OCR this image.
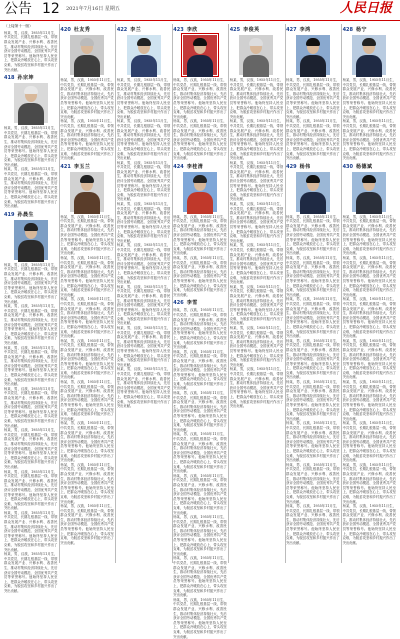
公告 12 2021年7月16日 星期五	人民日报

（上接第十一版）

杨某，男，汉族，1955年11月生，中共党员，长期扎根基层一线，带领群众发展产业、兴修水利、改善民生，推动村集体经济持续壮大，先后获评全国劳动模范、全国优秀共产党员等荣誉称号。他始终坚持人民至上，把群众冷暖放在心上，带头攻坚克难，为脱贫攻坚和乡村振兴作出了突出贡献。

418 孙宗坤

杨某，男，汉族，1955年11月生，中共党员，长期扎根基层一线，带领群众发展产业、兴修水利、改善民生，推动村集体经济持续壮大，先后获评全国劳动模范、全国优秀共产党员等荣誉称号。他始终坚持人民至上，把群众冷暖放在心上，带头攻坚克难，为脱贫攻坚和乡村振兴作出了突出贡献。

杨某，男，汉族，1955年11月生，中共党员，长期扎根基层一线，带领群众发展产业、兴修水利、改善民生，推动村集体经济持续壮大，先后获评全国劳动模范、全国优秀共产党员等荣誉称号。他始终坚持人民至上，把群众冷暖放在心上，带头攻坚克难，为脱贫攻坚和乡村振兴作出了突出贡献。

419 孙晨生

杨某，男，汉族，1955年11月生，中共党员，长期扎根基层一线，带领群众发展产业、兴修水利、改善民生，推动村集体经济持续壮大，先后获评全国劳动模范、全国优秀共产党员等荣誉称号。他始终坚持人民至上，把群众冷暖放在心上，带头攻坚克难，为脱贫攻坚和乡村振兴作出了突出贡献。

杨某，男，汉族，1955年11月生，中共党员，长期扎根基层一线，带领群众发展产业、兴修水利、改善民生，推动村集体经济持续壮大，先后获评全国劳动模范、全国优秀共产党员等荣誉称号。他始终坚持人民至上，把群众冷暖放在心上，带头攻坚克难，为脱贫攻坚和乡村振兴作出了突出贡献。

杨某，男，汉族，1955年11月生，中共党员，长期扎根基层一线，带领群众发展产业、兴修水利、改善民生，推动村集体经济持续壮大，先后获评全国劳动模范、全国优秀共产党员等荣誉称号。他始终坚持人民至上，把群众冷暖放在心上，带头攻坚克难，为脱贫攻坚和乡村振兴作出了突出贡献。

杨某，男，汉族，1955年11月生，中共党员，长期扎根基层一线，带领群众发展产业、兴修水利、改善民生，推动村集体经济持续壮大，先后获评全国劳动模范、全国优秀共产党员等荣誉称号。他始终坚持人民至上，把群众冷暖放在心上，带头攻坚克难，为脱贫攻坚和乡村振兴作出了突出贡献。

杨某，男，汉族，1955年11月生，中共党员，长期扎根基层一线，带领群众发展产业、兴修水利、改善民生，推动村集体经济持续壮大，先后获评全国劳动模范、全国优秀共产党员等荣誉称号。他始终坚持人民至上，把群众冷暖放在心上，带头攻坚克难，为脱贫攻坚和乡村振兴作出了突出贡献。

杨某，男，汉族，1955年11月生，中共党员，长期扎根基层一线，带领群众发展产业、兴修水利、改善民生，推动村集体经济持续壮大，先后获评全国劳动模范、全国优秀共产党员等荣誉称号。他始终坚持人民至上，把群众冷暖放在心上，带头攻坚克难，为脱贫攻坚和乡村振兴作出了突出贡献。

杨某，男，汉族，1955年11月生，中共党员，长期扎根基层一线，带领群众发展产业、兴修水利、改善民生，推动村集体经济持续壮大，先后获评全国劳动模范、全国优秀共产党员等荣誉称号。他始终坚持人民至上，把群众冷暖放在心上，带头攻坚克难，为脱贫攻坚和乡村振兴作出了突出贡献。

杨某，男，汉族，1955年11月生，中共党员，长期扎根基层一线，带领群众发展产业、兴修水利、改善民生，推动村集体经济持续壮大，先后获评全国劳动模范、全国优秀共产党员等荣誉称号。他始终坚持人民至上，把群众冷暖放在心上，带头攻坚克难，为脱贫攻坚和乡村振兴作出了突出贡献。

420 杜友秀

杨某，男，汉族，1955年11月生，中共党员，长期扎根基层一线，带领群众发展产业、兴修水利、改善民生，推动村集体经济持续壮大，先后获评全国劳动模范、全国优秀共产党员等荣誉称号。他始终坚持人民至上，把群众冷暖放在心上，带头攻坚克难，为脱贫攻坚和乡村振兴作出了突出贡献。

杨某，男，汉族，1955年11月生，中共党员，长期扎根基层一线，带领群众发展产业、兴修水利、改善民生，推动村集体经济持续壮大，先后获评全国劳动模范、全国优秀共产党员等荣誉称号。他始终坚持人民至上，把群众冷暖放在心上，带头攻坚克难，为脱贫攻坚和乡村振兴作出了突出贡献。

421 李玉兰

杨某，男，汉族，1955年11月生，中共党员，长期扎根基层一线，带领群众发展产业、兴修水利、改善民生，推动村集体经济持续壮大，先后获评全国劳动模范、全国优秀共产党员等荣誉称号。他始终坚持人民至上，把群众冷暖放在心上，带头攻坚克难，为脱贫攻坚和乡村振兴作出了突出贡献。

杨某，男，汉族，1955年11月生，中共党员，长期扎根基层一线，带领群众发展产业、兴修水利、改善民生，推动村集体经济持续壮大，先后获评全国劳动模范、全国优秀共产党员等荣誉称号。他始终坚持人民至上，把群众冷暖放在心上，带头攻坚克难，为脱贫攻坚和乡村振兴作出了突出贡献。

杨某，男，汉族，1955年11月生，中共党员，长期扎根基层一线，带领群众发展产业、兴修水利、改善民生，推动村集体经济持续壮大，先后获评全国劳动模范、全国优秀共产党员等荣誉称号。他始终坚持人民至上，把群众冷暖放在心上，带头攻坚克难，为脱贫攻坚和乡村振兴作出了突出贡献。

杨某，男，汉族，1955年11月生，中共党员，长期扎根基层一线，带领群众发展产业、兴修水利、改善民生，推动村集体经济持续壮大，先后获评全国劳动模范、全国优秀共产党员等荣誉称号。他始终坚持人民至上，把群众冷暖放在心上，带头攻坚克难，为脱贫攻坚和乡村振兴作出了突出贡献。

杨某，男，汉族，1955年11月生，中共党员，长期扎根基层一线，带领群众发展产业、兴修水利、改善民生，推动村集体经济持续壮大，先后获评全国劳动模范、全国优秀共产党员等荣誉称号。他始终坚持人民至上，把群众冷暖放在心上，带头攻坚克难，为脱贫攻坚和乡村振兴作出了突出贡献。

杨某，男，汉族，1955年11月生，中共党员，长期扎根基层一线，带领群众发展产业、兴修水利、改善民生，推动村集体经济持续壮大，先后获评全国劳动模范、全国优秀共产党员等荣誉称号。他始终坚持人民至上，把群众冷暖放在心上，带头攻坚克难，为脱贫攻坚和乡村振兴作出了突出贡献。

杨某，男，汉族，1955年11月生，中共党员，长期扎根基层一线，带领群众发展产业、兴修水利、改善民生，推动村集体经济持续壮大，先后获评全国劳动模范、全国优秀共产党员等荣誉称号。他始终坚持人民至上，把群众冷暖放在心上，带头攻坚克难，为脱贫攻坚和乡村振兴作出了突出贡献。

杨某，男，汉族，1955年11月生，中共党员，长期扎根基层一线，带领群众发展产业、兴修水利、改善民生，推动村集体经济持续壮大，先后获评全国劳动模范、全国优秀共产党员等荣誉称号。他始终坚持人民至上，把群众冷暖放在心上，带头攻坚克难，为脱贫攻坚和乡村振兴作出了突出贡献。

422 李兰

杨某，男，汉族，1955年11月生，中共党员，长期扎根基层一线，带领群众发展产业、兴修水利、改善民生，推动村集体经济持续壮大，先后获评全国劳动模范、全国优秀共产党员等荣誉称号。他始终坚持人民至上，把群众冷暖放在心上，带头攻坚克难，为脱贫攻坚和乡村振兴作出了突出贡献。

杨某，男，汉族，1955年11月生，中共党员，长期扎根基层一线，带领群众发展产业、兴修水利、改善民生，推动村集体经济持续壮大，先后获评全国劳动模范、全国优秀共产党员等荣誉称号。他始终坚持人民至上，把群众冷暖放在心上，带头攻坚克难，为脱贫攻坚和乡村振兴作出了突出贡献。

杨某，男，汉族，1955年11月生，中共党员，长期扎根基层一线，带领群众发展产业、兴修水利、改善民生，推动村集体经济持续壮大，先后获评全国劳动模范、全国优秀共产党员等荣誉称号。他始终坚持人民至上，把群众冷暖放在心上，带头攻坚克难，为脱贫攻坚和乡村振兴作出了突出贡献。

杨某，男，汉族，1955年11月生，中共党员，长期扎根基层一线，带领群众发展产业、兴修水利、改善民生，推动村集体经济持续壮大，先后获评全国劳动模范、全国优秀共产党员等荣誉称号。他始终坚持人民至上，把群众冷暖放在心上，带头攻坚克难，为脱贫攻坚和乡村振兴作出了突出贡献。

杨某，男，汉族，1955年11月生，中共党员，长期扎根基层一线，带领群众发展产业、兴修水利、改善民生，推动村集体经济持续壮大，先后获评全国劳动模范、全国优秀共产党员等荣誉称号。他始终坚持人民至上，把群众冷暖放在心上，带头攻坚克难，为脱贫攻坚和乡村振兴作出了突出贡献。

杨某，男，汉族，1955年11月生，中共党员，长期扎根基层一线，带领群众发展产业、兴修水利、改善民生，推动村集体经济持续壮大，先后获评全国劳动模范、全国优秀共产党员等荣誉称号。他始终坚持人民至上，把群众冷暖放在心上，带头攻坚克难，为脱贫攻坚和乡村振兴作出了突出贡献。

杨某，男，汉族，1955年11月生，中共党员，长期扎根基层一线，带领群众发展产业、兴修水利、改善民生，推动村集体经济持续壮大，先后获评全国劳动模范、全国优秀共产党员等荣誉称号。他始终坚持人民至上，把群众冷暖放在心上，带头攻坚克难，为脱贫攻坚和乡村振兴作出了突出贡献。

杨某，男，汉族，1955年11月生，中共党员，长期扎根基层一线，带领群众发展产业、兴修水利、改善民生，推动村集体经济持续壮大，先后获评全国劳动模范、全国优秀共产党员等荣誉称号。他始终坚持人民至上，把群众冷暖放在心上，带头攻坚克难，为脱贫攻坚和乡村振兴作出了突出贡献。

423 李欣

杨某，男，汉族，1955年11月生，中共党员，长期扎根基层一线，带领群众发展产业、兴修水利、改善民生，推动村集体经济持续壮大，先后获评全国劳动模范、全国优秀共产党员等荣誉称号。他始终坚持人民至上，把群众冷暖放在心上，带头攻坚克难，为脱贫攻坚和乡村振兴作出了突出贡献。

杨某，男，汉族，1955年11月生，中共党员，长期扎根基层一线，带领群众发展产业、兴修水利、改善民生，推动村集体经济持续壮大，先后获评全国劳动模范、全国优秀共产党员等荣誉称号。他始终坚持人民至上，把群众冷暖放在心上，带头攻坚克难，为脱贫攻坚和乡村振兴作出了突出贡献。

424 李桂清

杨某，男，汉族，1955年11月生，中共党员，长期扎根基层一线，带领群众发展产业、兴修水利、改善民生，推动村集体经济持续壮大，先后获评全国劳动模范、全国优秀共产党员等荣誉称号。他始终坚持人民至上，把群众冷暖放在心上，带头攻坚克难，为脱贫攻坚和乡村振兴作出了突出贡献。

杨某，男，汉族，1955年11月生，中共党员，长期扎根基层一线，带领群众发展产业、兴修水利、改善民生，推动村集体经济持续壮大，先后获评全国劳动模范、全国优秀共产党员等荣誉称号。他始终坚持人民至上，把群众冷暖放在心上，带头攻坚克难，为脱贫攻坚和乡村振兴作出了突出贡献。

426 李雪

杨某，男，汉族，1955年11月生，中共党员，长期扎根基层一线，带领群众发展产业、兴修水利、改善民生，推动村集体经济持续壮大，先后获评全国劳动模范、全国优秀共产党员等荣誉称号。他始终坚持人民至上，把群众冷暖放在心上，带头攻坚克难，为脱贫攻坚和乡村振兴作出了突出贡献。

杨某，男，汉族，1955年11月生，中共党员，长期扎根基层一线，带领群众发展产业、兴修水利、改善民生，推动村集体经济持续壮大，先后获评全国劳动模范、全国优秀共产党员等荣誉称号。他始终坚持人民至上，把群众冷暖放在心上，带头攻坚克难，为脱贫攻坚和乡村振兴作出了突出贡献。

杨某，男，汉族，1955年11月生，中共党员，长期扎根基层一线，带领群众发展产业、兴修水利、改善民生，推动村集体经济持续壮大，先后获评全国劳动模范、全国优秀共产党员等荣誉称号。他始终坚持人民至上，把群众冷暖放在心上，带头攻坚克难，为脱贫攻坚和乡村振兴作出了突出贡献。

杨某，男，汉族，1955年11月生，中共党员，长期扎根基层一线，带领群众发展产业、兴修水利、改善民生，推动村集体经济持续壮大，先后获评全国劳动模范、全国优秀共产党员等荣誉称号。他始终坚持人民至上，把群众冷暖放在心上，带头攻坚克难，为脱贫攻坚和乡村振兴作出了突出贡献。

杨某，男，汉族，1955年11月生，中共党员，长期扎根基层一线，带领群众发展产业、兴修水利、改善民生，推动村集体经济持续壮大，先后获评全国劳动模范、全国优秀共产党员等荣誉称号。他始终坚持人民至上，把群众冷暖放在心上，带头攻坚克难，为脱贫攻坚和乡村振兴作出了突出贡献。

杨某，男，汉族，1955年11月生，中共党员，长期扎根基层一线，带领群众发展产业、兴修水利、改善民生，推动村集体经济持续壮大，先后获评全国劳动模范、全国优秀共产党员等荣誉称号。他始终坚持人民至上，把群众冷暖放在心上，带头攻坚克难，为脱贫攻坚和乡村振兴作出了突出贡献。

杨某，男，汉族，1955年11月生，中共党员，长期扎根基层一线，带领群众发展产业、兴修水利、改善民生，推动村集体经济持续壮大，先后获评全国劳动模范、全国优秀共产党员等荣誉称号。他始终坚持人民至上，把群众冷暖放在心上，带头攻坚克难，为脱贫攻坚和乡村振兴作出了突出贡献。

杨某，男，汉族，1955年11月生，中共党员，长期扎根基层一线，带领群众发展产业、兴修水利、改善民生，推动村集体经济持续壮大，先后获评全国劳动模范、全国优秀共产党员等荣誉称号。他始终坚持人民至上，把群众冷暖放在心上，带头攻坚克难，为脱贫攻坚和乡村振兴作出了突出贡献。

425 李俊英

杨某，男，汉族，1955年11月生，中共党员，长期扎根基层一线，带领群众发展产业、兴修水利、改善民生，推动村集体经济持续壮大，先后获评全国劳动模范、全国优秀共产党员等荣誉称号。他始终坚持人民至上，把群众冷暖放在心上，带头攻坚克难，为脱贫攻坚和乡村振兴作出了突出贡献。

杨某，男，汉族，1955年11月生，中共党员，长期扎根基层一线，带领群众发展产业、兴修水利、改善民生，推动村集体经济持续壮大，先后获评全国劳动模范、全国优秀共产党员等荣誉称号。他始终坚持人民至上，把群众冷暖放在心上，带头攻坚克难，为脱贫攻坚和乡村振兴作出了突出贡献。

杨某，男，汉族，1955年11月生，中共党员，长期扎根基层一线，带领群众发展产业、兴修水利、改善民生，推动村集体经济持续壮大，先后获评全国劳动模范、全国优秀共产党员等荣誉称号。他始终坚持人民至上，把群众冷暖放在心上，带头攻坚克难，为脱贫攻坚和乡村振兴作出了突出贡献。

杨某，男，汉族，1955年11月生，中共党员，长期扎根基层一线，带领群众发展产业、兴修水利、改善民生，推动村集体经济持续壮大，先后获评全国劳动模范、全国优秀共产党员等荣誉称号。他始终坚持人民至上，把群众冷暖放在心上，带头攻坚克难，为脱贫攻坚和乡村振兴作出了突出贡献。

杨某，男，汉族，1955年11月生，中共党员，长期扎根基层一线，带领群众发展产业、兴修水利、改善民生，推动村集体经济持续壮大，先后获评全国劳动模范、全国优秀共产党员等荣誉称号。他始终坚持人民至上，把群众冷暖放在心上，带头攻坚克难，为脱贫攻坚和乡村振兴作出了突出贡献。

杨某，男，汉族，1955年11月生，中共党员，长期扎根基层一线，带领群众发展产业、兴修水利、改善民生，推动村集体经济持续壮大，先后获评全国劳动模范、全国优秀共产党员等荣誉称号。他始终坚持人民至上，把群众冷暖放在心上，带头攻坚克难，为脱贫攻坚和乡村振兴作出了突出贡献。

杨某，男，汉族，1955年11月生，中共党员，长期扎根基层一线，带领群众发展产业、兴修水利、改善民生，推动村集体经济持续壮大，先后获评全国劳动模范、全国优秀共产党员等荣誉称号。他始终坚持人民至上，把群众冷暖放在心上，带头攻坚克难，为脱贫攻坚和乡村振兴作出了突出贡献。

杨某，男，汉族，1955年11月生，中共党员，长期扎根基层一线，带领群众发展产业、兴修水利、改善民生，推动村集体经济持续壮大，先后获评全国劳动模范、全国优秀共产党员等荣誉称号。他始终坚持人民至上，把群众冷暖放在心上，带头攻坚克难，为脱贫攻坚和乡村振兴作出了突出贡献。

427 李鸿

杨某，男，汉族，1955年11月生，中共党员，长期扎根基层一线，带领群众发展产业、兴修水利、改善民生，推动村集体经济持续壮大，先后获评全国劳动模范、全国优秀共产党员等荣誉称号。他始终坚持人民至上，把群众冷暖放在心上，带头攻坚克难，为脱贫攻坚和乡村振兴作出了突出贡献。

杨某，男，汉族，1955年11月生，中共党员，长期扎根基层一线，带领群众发展产业、兴修水利、改善民生，推动村集体经济持续壮大，先后获评全国劳动模范、全国优秀共产党员等荣誉称号。他始终坚持人民至上，把群众冷暖放在心上，带头攻坚克难，为脱贫攻坚和乡村振兴作出了突出贡献。

429 杨伟

杨某，男，汉族，1955年11月生，中共党员，长期扎根基层一线，带领群众发展产业、兴修水利、改善民生，推动村集体经济持续壮大，先后获评全国劳动模范、全国优秀共产党员等荣誉称号。他始终坚持人民至上，把群众冷暖放在心上，带头攻坚克难，为脱贫攻坚和乡村振兴作出了突出贡献。

杨某，男，汉族，1955年11月生，中共党员，长期扎根基层一线，带领群众发展产业、兴修水利、改善民生，推动村集体经济持续壮大，先后获评全国劳动模范、全国优秀共产党员等荣誉称号。他始终坚持人民至上，把群众冷暖放在心上，带头攻坚克难，为脱贫攻坚和乡村振兴作出了突出贡献。

杨某，男，汉族，1955年11月生，中共党员，长期扎根基层一线，带领群众发展产业、兴修水利、改善民生，推动村集体经济持续壮大，先后获评全国劳动模范、全国优秀共产党员等荣誉称号。他始终坚持人民至上，把群众冷暖放在心上，带头攻坚克难，为脱贫攻坚和乡村振兴作出了突出贡献。

杨某，男，汉族，1955年11月生，中共党员，长期扎根基层一线，带领群众发展产业、兴修水利、改善民生，推动村集体经济持续壮大，先后获评全国劳动模范、全国优秀共产党员等荣誉称号。他始终坚持人民至上，把群众冷暖放在心上，带头攻坚克难，为脱贫攻坚和乡村振兴作出了突出贡献。

杨某，男，汉族，1955年11月生，中共党员，长期扎根基层一线，带领群众发展产业、兴修水利、改善民生，推动村集体经济持续壮大，先后获评全国劳动模范、全国优秀共产党员等荣誉称号。他始终坚持人民至上，把群众冷暖放在心上，带头攻坚克难，为脱贫攻坚和乡村振兴作出了突出贡献。

杨某，男，汉族，1955年11月生，中共党员，长期扎根基层一线，带领群众发展产业、兴修水利、改善民生，推动村集体经济持续壮大，先后获评全国劳动模范、全国优秀共产党员等荣誉称号。他始终坚持人民至上，把群众冷暖放在心上，带头攻坚克难，为脱贫攻坚和乡村振兴作出了突出贡献。

杨某，男，汉族，1955年11月生，中共党员，长期扎根基层一线，带领群众发展产业、兴修水利、改善民生，推动村集体经济持续壮大，先后获评全国劳动模范、全国优秀共产党员等荣誉称号。他始终坚持人民至上，把群众冷暖放在心上，带头攻坚克难，为脱贫攻坚和乡村振兴作出了突出贡献。

杨某，男，汉族，1955年11月生，中共党员，长期扎根基层一线，带领群众发展产业、兴修水利、改善民生，推动村集体经济持续壮大，先后获评全国劳动模范、全国优秀共产党员等荣誉称号。他始终坚持人民至上，把群众冷暖放在心上，带头攻坚克难，为脱贫攻坚和乡村振兴作出了突出贡献。

428 杨宁

杨某，男，汉族，1955年11月生，中共党员，长期扎根基层一线，带领群众发展产业、兴修水利、改善民生，推动村集体经济持续壮大，先后获评全国劳动模范、全国优秀共产党员等荣誉称号。他始终坚持人民至上，把群众冷暖放在心上，带头攻坚克难，为脱贫攻坚和乡村振兴作出了突出贡献。

杨某，男，汉族，1955年11月生，中共党员，长期扎根基层一线，带领群众发展产业、兴修水利、改善民生，推动村集体经济持续壮大，先后获评全国劳动模范、全国优秀共产党员等荣誉称号。他始终坚持人民至上，把群众冷暖放在心上，带头攻坚克难，为脱贫攻坚和乡村振兴作出了突出贡献。

430 杨德斌

杨某，男，汉族，1955年11月生，中共党员，长期扎根基层一线，带领群众发展产业、兴修水利、改善民生，推动村集体经济持续壮大，先后获评全国劳动模范、全国优秀共产党员等荣誉称号。他始终坚持人民至上，把群众冷暖放在心上，带头攻坚克难，为脱贫攻坚和乡村振兴作出了突出贡献。

杨某，男，汉族，1955年11月生，中共党员，长期扎根基层一线，带领群众发展产业、兴修水利、改善民生，推动村集体经济持续壮大，先后获评全国劳动模范、全国优秀共产党员等荣誉称号。他始终坚持人民至上，把群众冷暖放在心上，带头攻坚克难，为脱贫攻坚和乡村振兴作出了突出贡献。

杨某，男，汉族，1955年11月生，中共党员，长期扎根基层一线，带领群众发展产业、兴修水利、改善民生，推动村集体经济持续壮大，先后获评全国劳动模范、全国优秀共产党员等荣誉称号。他始终坚持人民至上，把群众冷暖放在心上，带头攻坚克难，为脱贫攻坚和乡村振兴作出了突出贡献。

杨某，男，汉族，1955年11月生，中共党员，长期扎根基层一线，带领群众发展产业、兴修水利、改善民生，推动村集体经济持续壮大，先后获评全国劳动模范、全国优秀共产党员等荣誉称号。他始终坚持人民至上，把群众冷暖放在心上，带头攻坚克难，为脱贫攻坚和乡村振兴作出了突出贡献。

杨某，男，汉族，1955年11月生，中共党员，长期扎根基层一线，带领群众发展产业、兴修水利、改善民生，推动村集体经济持续壮大，先后获评全国劳动模范、全国优秀共产党员等荣誉称号。他始终坚持人民至上，把群众冷暖放在心上，带头攻坚克难，为脱贫攻坚和乡村振兴作出了突出贡献。

杨某，男，汉族，1955年11月生，中共党员，长期扎根基层一线，带领群众发展产业、兴修水利、改善民生，推动村集体经济持续壮大，先后获评全国劳动模范、全国优秀共产党员等荣誉称号。他始终坚持人民至上，把群众冷暖放在心上，带头攻坚克难，为脱贫攻坚和乡村振兴作出了突出贡献。

杨某，男，汉族，1955年11月生，中共党员，长期扎根基层一线，带领群众发展产业、兴修水利、改善民生，推动村集体经济持续壮大，先后获评全国劳动模范、全国优秀共产党员等荣誉称号。他始终坚持人民至上，把群众冷暖放在心上，带头攻坚克难，为脱贫攻坚和乡村振兴作出了突出贡献。

杨某，男，汉族，1955年11月生，中共党员，长期扎根基层一线，带领群众发展产业、兴修水利、改善民生，推动村集体经济持续壮大，先后获评全国劳动模范、全国优秀共产党员等荣誉称号。他始终坚持人民至上，把群众冷暖放在心上，带头攻坚克难，为脱贫攻坚和乡村振兴作出了突出贡献。
